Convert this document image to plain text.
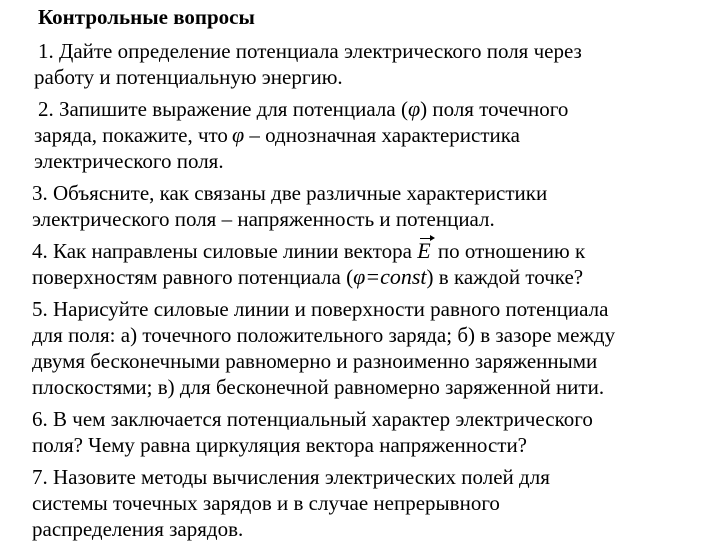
Контрольные вопросы
1. Дайте определение потенциала электрического поля через
работу и потенциальную энергию.
2. Запишите выражение для потенциала (φ) поля точечного
заряда, покажите, что φ – однозначная характеристика
электрического поля.
3. Объясните, как связаны две различные характеристики
электрического поля – напряженность и потенциал.
4. Как направлены силовые линии вектора E по отношению к
поверхностям равного потенциала (φ=const) в каждой точке?
5. Нарисуйте силовые линии и поверхности равного потенциала
для поля: а) точечного положительного заряда; б) в зазоре между
двумя бесконечными равномерно и разноименно заряженными
плоскостями; в) для бесконечной равномерно заряженной нити.
6. В чем заключается потенциальный характер электрического
поля? Чему равна циркуляция вектора напряженности?
7. Назовите методы вычисления электрических полей для
системы точечных зарядов и в случае непрерывного
распределения зарядов.
